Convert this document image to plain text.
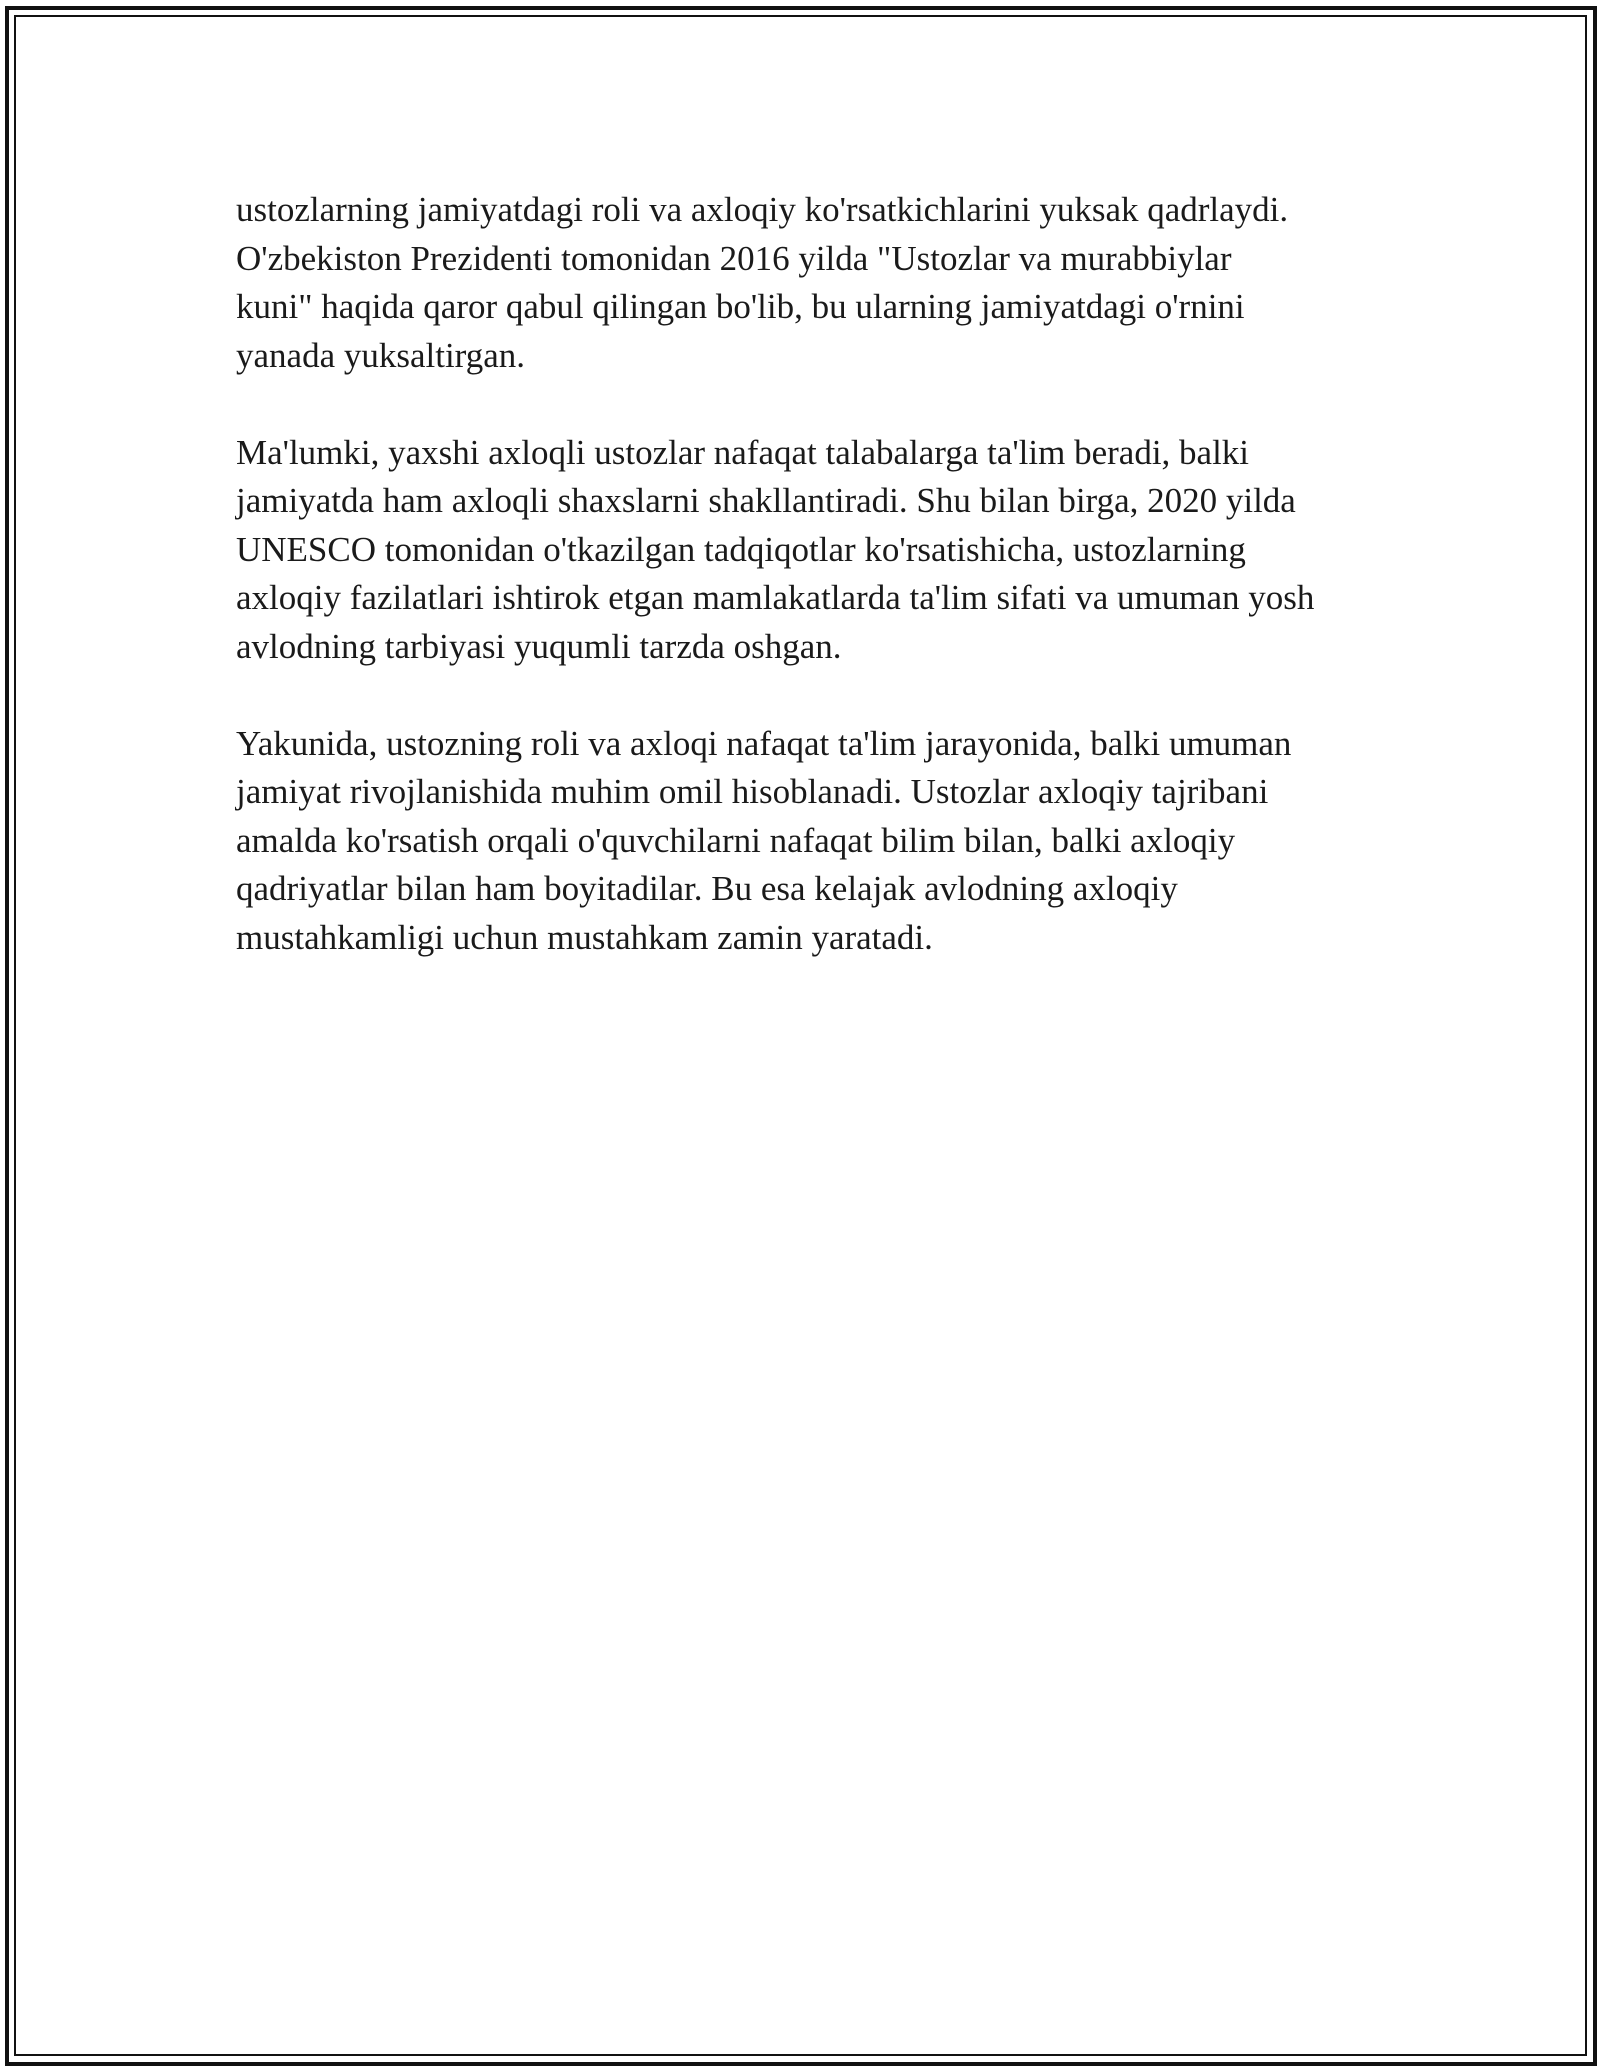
ustozlarning jamiyatdagi roli va axloqiy ko'rsatkichlarini yuksak qadrlaydi.
O'zbekiston Prezidenti tomonidan 2016 yilda "Ustozlar va murabbiylar
kuni" haqida qaror qabul qilingan bo'lib, bu ularning jamiyatdagi o'rnini
yanada yuksaltirgan.

Ma'lumki, yaxshi axloqli ustozlar nafaqat talabalarga ta'lim beradi, balki
jamiyatda ham axloqli shaxslarni shakllantiradi. Shu bilan birga, 2020 yilda
UNESCO tomonidan o'tkazilgan tadqiqotlar ko'rsatishicha, ustozlarning
axloqiy fazilatlari ishtirok etgan mamlakatlarda ta'lim sifati va umuman yosh
avlodning tarbiyasi yuqumli tarzda oshgan.

Yakunida, ustozning roli va axloqi nafaqat ta'lim jarayonida, balki umuman
jamiyat rivojlanishida muhim omil hisoblanadi. Ustozlar axloqiy tajribani
amalda ko'rsatish orqali o'quvchilarni nafaqat bilim bilan, balki axloqiy
qadriyatlar bilan ham boyitadilar. Bu esa kelajak avlodning axloqiy
mustahkamligi uchun mustahkam zamin yaratadi.
